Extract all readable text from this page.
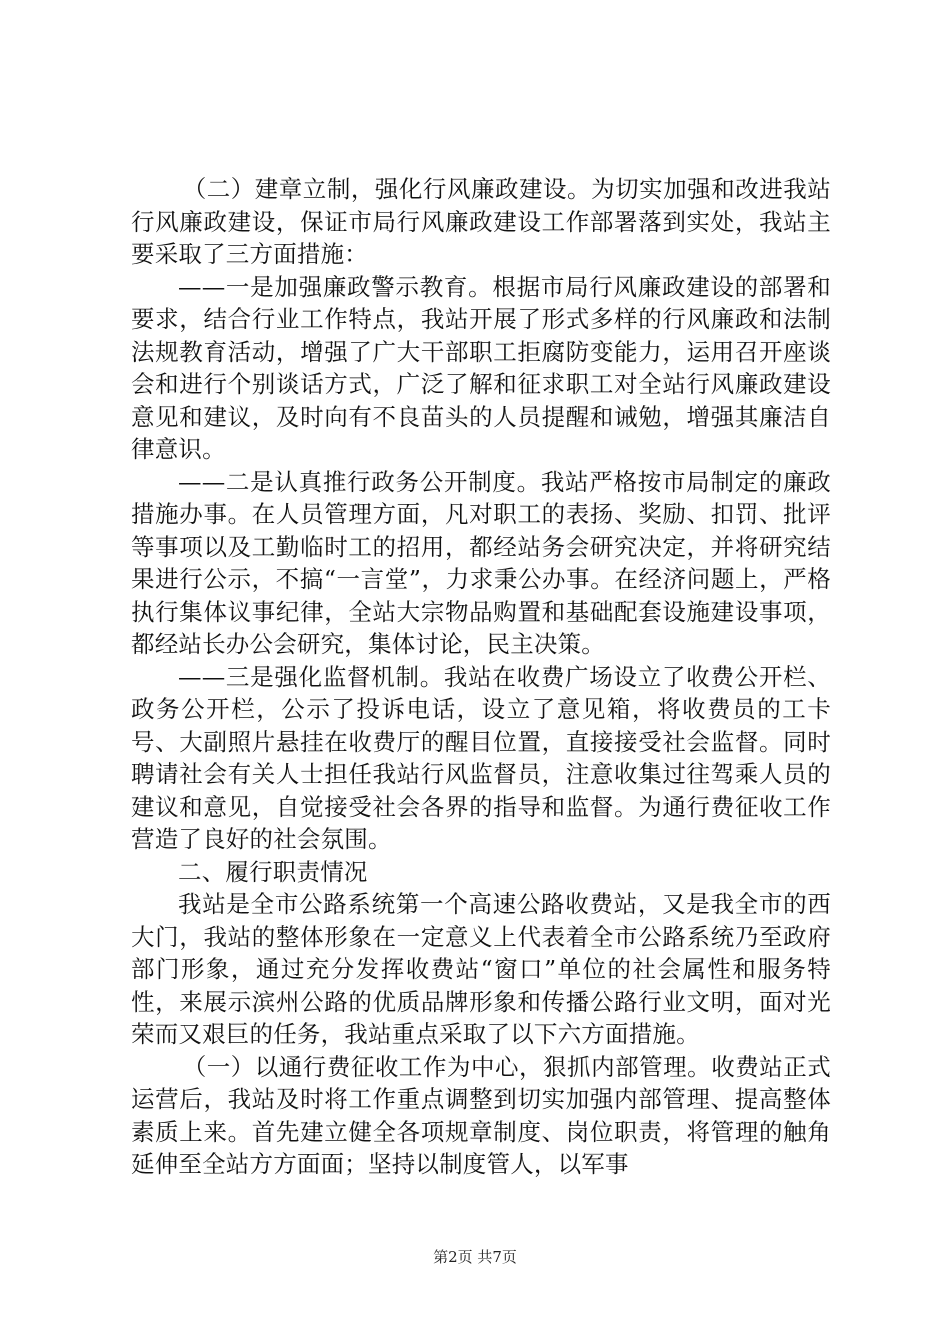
（二）建章立制，强化行风廉政建设。为切实加强和改进我站行风廉政建设，保证市局行风廉政建设工作部署落到实处，我站主要采取了三方面措施：

——一是加强廉政警示教育。根据市局行风廉政建设的部署和要求，结合行业工作特点，我站开展了形式多样的行风廉政和法制法规教育活动，增强了广大干部职工拒腐防变能力，运用召开座谈会和进行个别谈话方式，广泛了解和征求职工对全站行风廉政建设意见和建议，及时向有不良苗头的人员提醒和诫勉，增强其廉洁自律意识。

——二是认真推行政务公开制度。我站严格按市局制定的廉政措施办事。在人员管理方面，凡对职工的表扬、奖励、扣罚、批评等事项以及工勤临时工的招用，都经站务会研究决定，并将研究结果进行公示，不搞“一言堂”，力求秉公办事。在经济问题上，严格执行集体议事纪律，全站大宗物品购置和基础配套设施建设事项，都经站长办公会研究，集体讨论，民主决策。

——三是强化监督机制。我站在收费广场设立了收费公开栏、政务公开栏，公示了投诉电话，设立了意见箱，将收费员的工卡号、大副照片悬挂在收费厅的醒目位置，直接接受社会监督。同时聘请社会有关人士担任我站行风监督员，注意收集过往驾乘人员的建议和意见，自觉接受社会各界的指导和监督。为通行费征收工作营造了良好的社会氛围。

二、履行职责情况

我站是全市公路系统第一个高速公路收费站，又是我全市的西大门，我站的整体形象在一定意义上代表着全市公路系统乃至政府部门形象，通过充分发挥收费站“窗口”单位的社会属性和服务特性，来展示滨州公路的优质品牌形象和传播公路行业文明，面对光荣而又艰巨的任务，我站重点采取了以下六方面措施。

（一）以通行费征收工作为中心，狠抓内部管理。收费站正式运营后，我站及时将工作重点调整到切实加强内部管理、提高整体素质上来。首先建立健全各项规章制度、岗位职责，将管理的触角延伸至全站方方面面；坚持以制度管人，以军事

第2页 共7页
